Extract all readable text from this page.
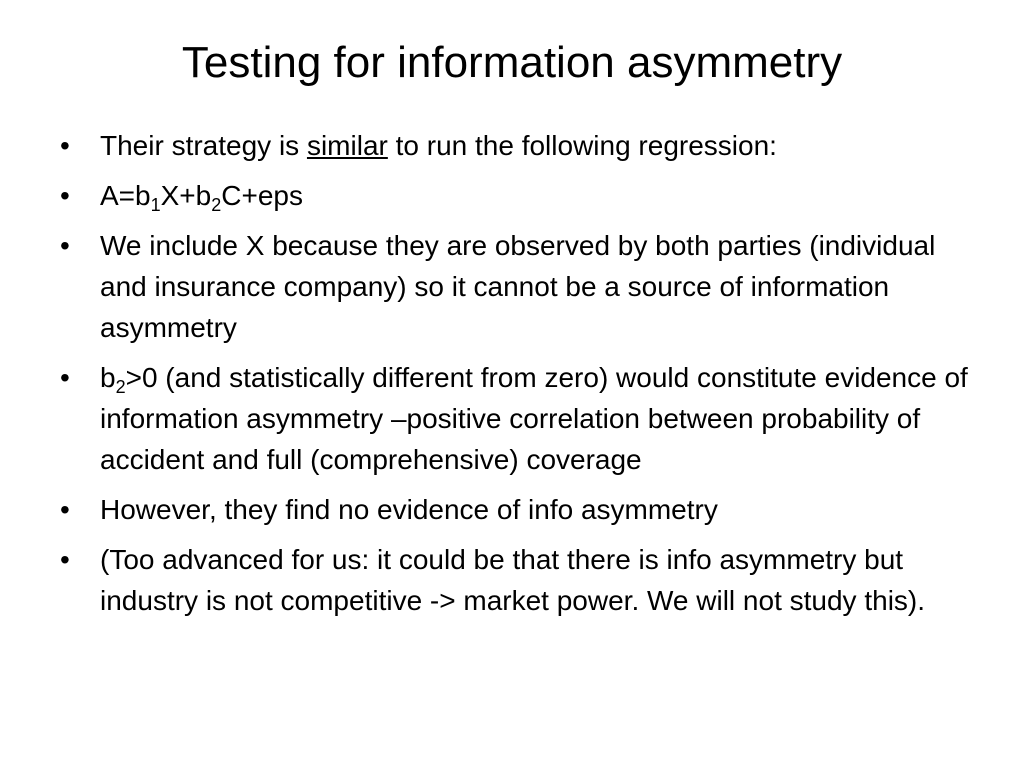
Testing for information asymmetry
• Their strategy is similar to run the following regression:
• $A=b_1X+b_2C+eps$
• We include X because they are observed by both parties (individual and insurance company) so it cannot be a source of information asymmetry
• $b_2>0$ (and statistically different from zero) would constitute evidence of information asymmetry –positive correlation between probability of accident and full (comprehensive) coverage
• However, they find no evidence of info asymmetry
• (Too advanced for us: it could be that there is info asymmetry but industry is not competitive -> market power. We will not study this).
